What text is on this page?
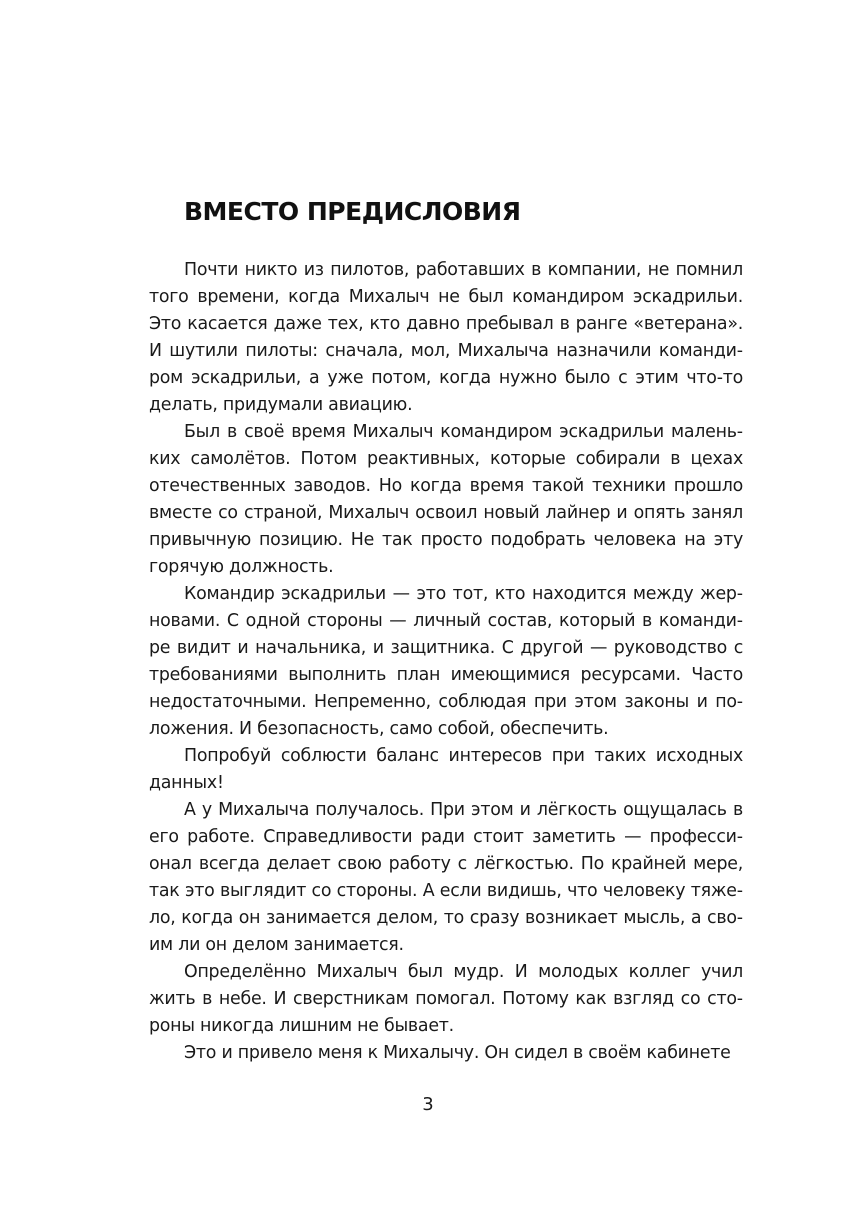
ВМЕСТО ПРЕДИСЛОВИЯ

Почти никто из пилотов, работавших в компании, не помнил того времени, когда Михалыч не был командиром эскадрильи. Это касается даже тех, кто давно пребывал в ранге «ветерана». И шутили пилоты: сначала, мол, Михалыча назначили командиром эскадрильи, а уже потом, когда нужно было с этим что-то делать, придумали авиацию.

Был в своё время Михалыч командиром эскадрильи маленьких самолётов. Потом реактивных, которые собирали в цехах отечественных заводов. Но когда время такой техники прошло вместе со страной, Михалыч освоил новый лайнер и опять занял привычную позицию. Не так просто подобрать человека на эту горячую должность.

Командир эскадрильи — это тот, кто находится между жерновами. С одной стороны — личный состав, который в командире видит и начальника, и защитника. С другой — руководство с требованиями выполнить план имеющимися ресурсами. Часто недостаточными. Непременно, соблюдая при этом законы и положения. И безопасность, само собой, обеспечить.

Попробуй соблюсти баланс интересов при таких исходных данных!

А у Михалыча получалось. При этом и лёгкость ощущалась в его работе. Справедливости ради стоит заметить — профессионал всегда делает свою работу с лёгкостью. По крайней мере, так это выглядит со стороны. А если видишь, что человеку тяжело, когда он занимается делом, то сразу возникает мысль, а своим ли он делом занимается.

Определённо Михалыч был мудр. И молодых коллег учил жить в небе. И сверстникам помогал. Потому как взгляд со стороны никогда лишним не бывает.

Это и привело меня к Михалычу. Он сидел в своём кабинете

3
